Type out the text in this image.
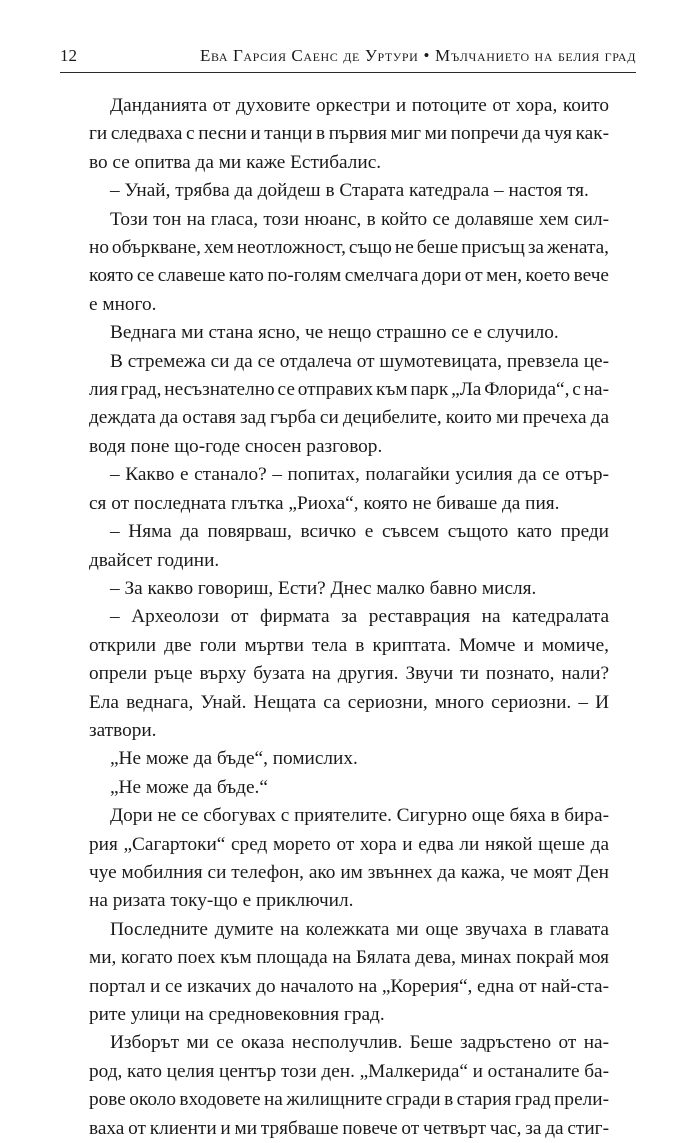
12	Ева Гарсия Саенс де Уртури • Мълчанието на белия град
Данданията от духовите оркестри и потоците от хора, които
ги следваха с песни и танци в първия миг ми попречи да чуя как-
во се опитва да ми каже Естибалис.
– Унай, трябва да дойдеш в Старата катедрала – настоя тя.
Този тон на гласа, този нюанс, в който се долавяше хем сил-
но объркване, хем неотложност, също не беше присъщ за жената,
която се славеше като по-голям смелчага дори от мен, което вече
е много.
Веднага ми стана ясно, че нещо страшно се е случило.
В стремежа си да се отдалеча от шумотевицата, превзела це-
лия град, несъзнателно се отправих към парк „Ла Флорида“, с на-
деждата да оставя зад гърба си децибелите, които ми пречеха да
водя поне що-годе сносен разговор.
– Какво е станало? – попитах, полагайки усилия да се отър-
ся от последната глътка „Риоха“, която не биваше да пия.
– Няма да повярваш, всичко е съвсем същото като преди
двайсет години.
– За какво говориш, Ести? Днес малко бавно мисля.
– Археолози от фирмата за реставрация на катедралата
открили две голи мъртви тела в криптата. Момче и момиче,
опрели ръце върху бузата на другия. Звучи ти познато, нали?
Ела веднага, Унай. Нещата са сериозни, много сериозни. – И
затвори.
„Не може да бъде“, помислих.
„Не може да бъде.“
Дори не се сбогувах с приятелите. Сигурно още бяха в бира-
рия „Сагартоки“ сред морето от хора и едва ли някой щеше да
чуе мобилния си телефон, ако им звъннех да кажа, че моят Ден
на ризата току-що е приключил.
Последните думите на колежката ми още звучаха в главата
ми, когато поех към площада на Бялата дева, минах покрай моя
портал и се изкачих до началото на „Корерия“, една от най-ста-
рите улици на средновековния град.
Изборът ми се оказа несполучлив. Беше задръстено от на-
род, като целия център този ден. „Малкерида“ и останалите ба-
рове около входовете на жилищните сгради в стария град прели-
ваха от клиенти и ми трябваше повече от четвърт час, за да стиг-
